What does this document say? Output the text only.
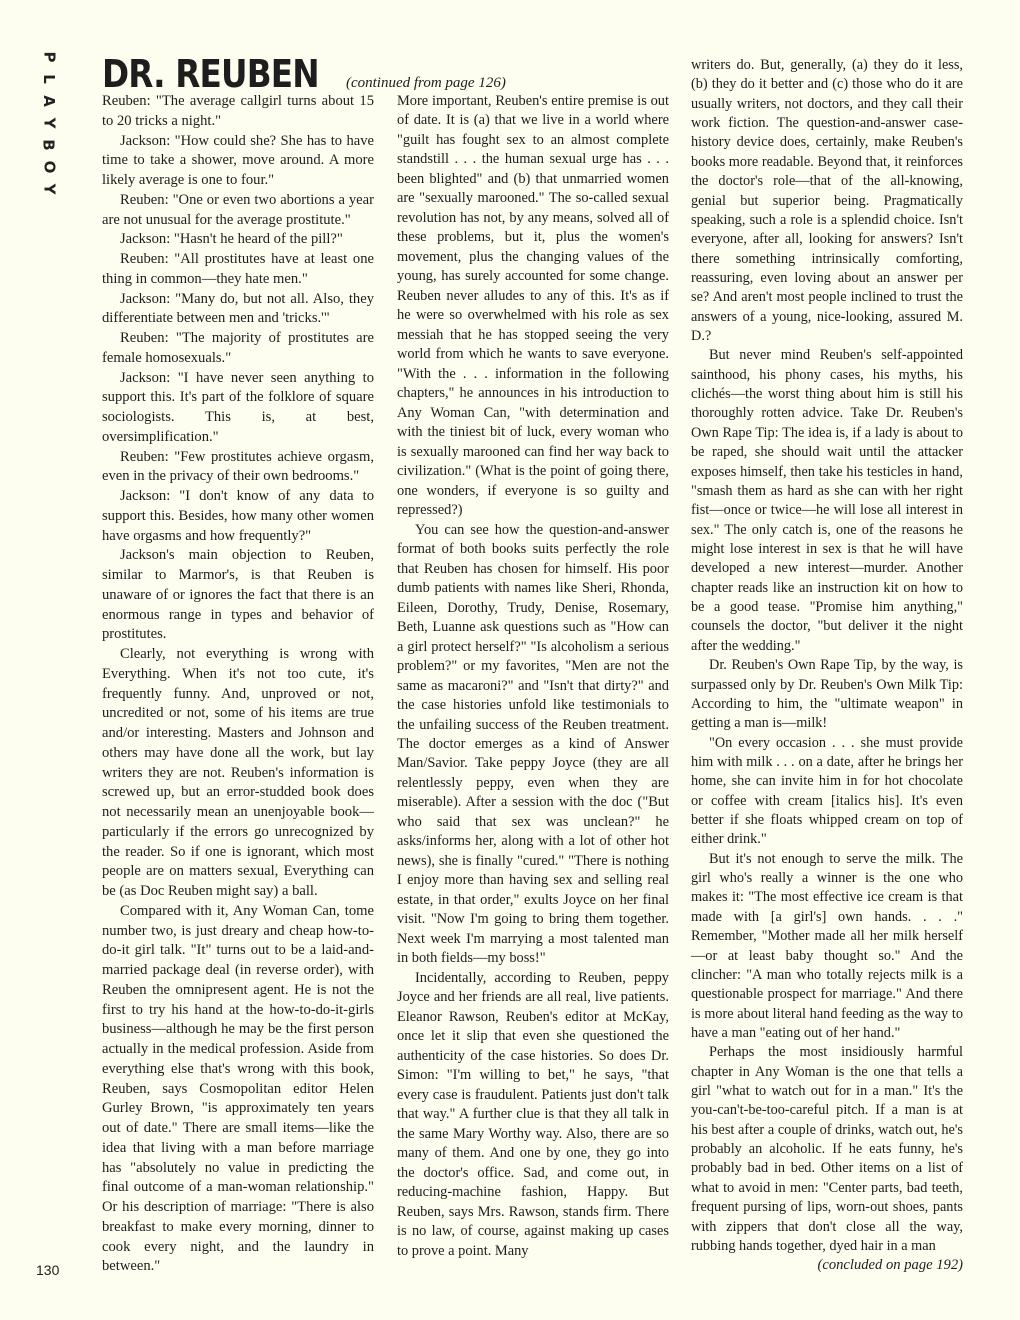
P
L
A
Y
B
O
Y
DR. REUBEN (continued from page 126)

Reuben: "The average callgirl turns about 15 to 20 tricks a night."

Jackson: "How could she? She has to have time to take a shower, move around. A more likely average is one to four."

Reuben: "One or even two abortions a year are not unusual for the average prostitute."

Jackson: "Hasn't he heard of the pill?"

Reuben: "All prostitutes have at least one thing in common—they hate men."

Jackson: "Many do, but not all. Also, they differentiate between men and 'tricks.'"

Reuben: "The majority of prostitutes are female homosexuals."

Jackson: "I have never seen anything to support this. It's part of the folklore of square sociologists. This is, at best, oversimplification."

Reuben: "Few prostitutes achieve orgasm, even in the privacy of their own bedrooms."

Jackson: "I don't know of any data to support this. Besides, how many other women have orgasms and how frequently?"

Jackson's main objection to Reuben, similar to Marmor's, is that Reuben is unaware of or ignores the fact that there is an enormous range in types and behavior of prostitutes.

Clearly, not everything is wrong with Everything. When it's not too cute, it's frequently funny. And, unproved or not, uncredited or not, some of his items are true and/or interesting. Masters and Johnson and others may have done all the work, but lay writers they are not. Reuben's information is screwed up, but an error-studded book does not necessarily mean an unenjoyable book—particularly if the errors go unrecognized by the reader. So if one is ignorant, which most people are on matters sexual, Everything can be (as Doc Reuben might say) a ball.

Compared with it, Any Woman Can, tome number two, is just dreary and cheap how-to-do-it girl talk. "It" turns out to be a laid-and-married package deal (in reverse order), with Reuben the omnipresent agent. He is not the first to try his hand at the how-to-do-it-girls business—although he may be the first person actually in the medical profession. Aside from everything else that's wrong with this book, Reuben, says Cosmopolitan editor Helen Gurley Brown, "is approximately ten years out of date." There are small items—like the idea that living with a man before marriage has "absolutely no value in predicting the final outcome of a man-woman relationship." Or his description of marriage: "There is also breakfast to make every morning, dinner to cook every night, and the laundry in between."

More important, Reuben's entire premise is out of date. It is (a) that we live in a world where "guilt has fought sex to an almost complete standstill . . . the human sexual urge has . . . been blighted" and (b) that unmarried women are "sexually marooned." The so-called sexual revolution has not, by any means, solved all of these problems, but it, plus the women's movement, plus the changing values of the young, has surely accounted for some change. Reuben never alludes to any of this. It's as if he were so overwhelmed with his role as sex messiah that he has stopped seeing the very world from which he wants to save everyone. "With the . . . information in the following chapters," he announces in his introduction to Any Woman Can, "with determination and with the tiniest bit of luck, every woman who is sexually marooned can find her way back to civilization." (What is the point of going there, one wonders, if everyone is so guilty and repressed?)

You can see how the question-and-answer format of both books suits perfectly the role that Reuben has chosen for himself. His poor dumb patients with names like Sheri, Rhonda, Eileen, Dorothy, Trudy, Denise, Rosemary, Beth, Luanne ask questions such as "How can a girl protect herself?" "Is alcoholism a serious problem?" or my favorites, "Men are not the same as macaroni?" and "Isn't that dirty?" and the case histories unfold like testimonials to the unfailing success of the Reuben treatment. The doctor emerges as a kind of Answer Man/Savior. Take peppy Joyce (they are all relentlessly peppy, even when they are miserable). After a session with the doc ("But who said that sex was unclean?" he asks/informs her, along with a lot of other hot news), she is finally "cured." "There is nothing I enjoy more than having sex and selling real estate, in that order," exults Joyce on her final visit. "Now I'm going to bring them together. Next week I'm marrying a most talented man in both fields—my boss!"

Incidentally, according to Reuben, peppy Joyce and her friends are all real, live patients. Eleanor Rawson, Reuben's editor at McKay, once let it slip that even she questioned the authenticity of the case histories. So does Dr. Simon: "I'm willing to bet," he says, "that every case is fraudulent. Patients just don't talk that way." A further clue is that they all talk in the same Mary Worthy way. Also, there are so many of them. And one by one, they go into the doctor's office. Sad, and come out, in reducing-machine fashion, Happy. But Reuben, says Mrs. Rawson, stands firm. There is no law, of course, against making up cases to prove a point. Many

writers do. But, generally, (a) they do it less, (b) they do it better and (c) those who do it are usually writers, not doctors, and they call their work fiction. The question-and-answer case-history device does, certainly, make Reuben's books more readable. Beyond that, it reinforces the doctor's role—that of the all-knowing, genial but superior being. Pragmatically speaking, such a role is a splendid choice. Isn't everyone, after all, looking for answers? Isn't there something intrinsically comforting, reassuring, even loving about an answer per se? And aren't most people inclined to trust the answers of a young, nice-looking, assured M. D.?

But never mind Reuben's self-appointed sainthood, his phony cases, his myths, his clichés—the worst thing about him is still his thoroughly rotten advice. Take Dr. Reuben's Own Rape Tip: The idea is, if a lady is about to be raped, she should wait until the attacker exposes himself, then take his testicles in hand, "smash them as hard as she can with her right fist—once or twice—he will lose all interest in sex." The only catch is, one of the reasons he might lose interest in sex is that he will have developed a new interest—murder. Another chapter reads like an instruction kit on how to be a good tease. "Promise him anything," counsels the doctor, "but deliver it the night after the wedding."

Dr. Reuben's Own Rape Tip, by the way, is surpassed only by Dr. Reuben's Own Milk Tip: According to him, the "ultimate weapon" in getting a man is—milk!

"On every occasion . . . she must provide him with milk . . . on a date, after he brings her home, she can invite him in for hot chocolate or coffee with cream [italics his]. It's even better if she floats whipped cream on top of either drink."

But it's not enough to serve the milk. The girl who's really a winner is the one who makes it: "The most effective ice cream is that made with [a girl's] own hands. . . ." Remember, "Mother made all her milk herself—or at least baby thought so." And the clincher: "A man who totally rejects milk is a questionable prospect for marriage." And there is more about literal hand feeding as the way to have a man "eating out of her hand."

Perhaps the most insidiously harmful chapter in Any Woman is the one that tells a girl "what to watch out for in a man." It's the you-can't-be-too-careful pitch. If a man is at his best after a couple of drinks, watch out, he's probably an alcoholic. If he eats funny, he's probably bad in bed. Other items on a list of what to avoid in men: "Center parts, bad teeth, frequent pursing of lips, worn-out shoes, pants with zippers that don't close all the way, rubbing hands together, dyed hair in a man

(concluded on page 192)
130
